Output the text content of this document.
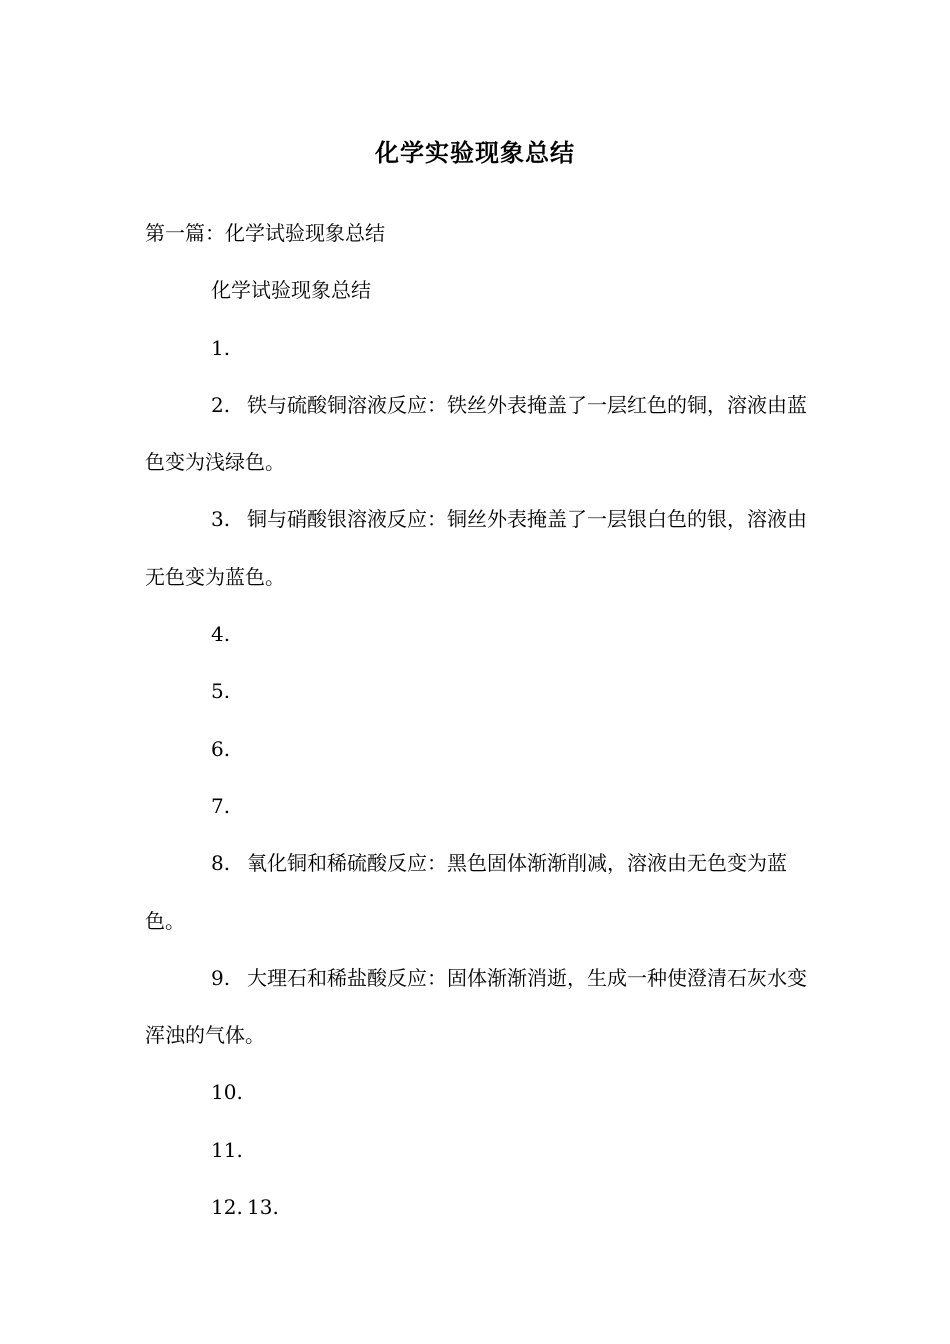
化学实验现象总结

第一篇：化学试验现象总结

化学试验现象总结

1.

2. 铁与硫酸铜溶液反应：铁丝外表掩盖了一层红色的铜，溶液由蓝色变为浅绿色。

3. 铜与硝酸银溶液反应：铜丝外表掩盖了一层银白色的银，溶液由无色变为蓝色。

4.

5.

6.

7.

8. 氧化铜和稀硫酸反应：黑色固体渐渐削减，溶液由无色变为蓝色。

9. 大理石和稀盐酸反应：固体渐渐消逝，生成一种使澄清石灰水变浑浊的气体。

10.

11.

12. 13.
